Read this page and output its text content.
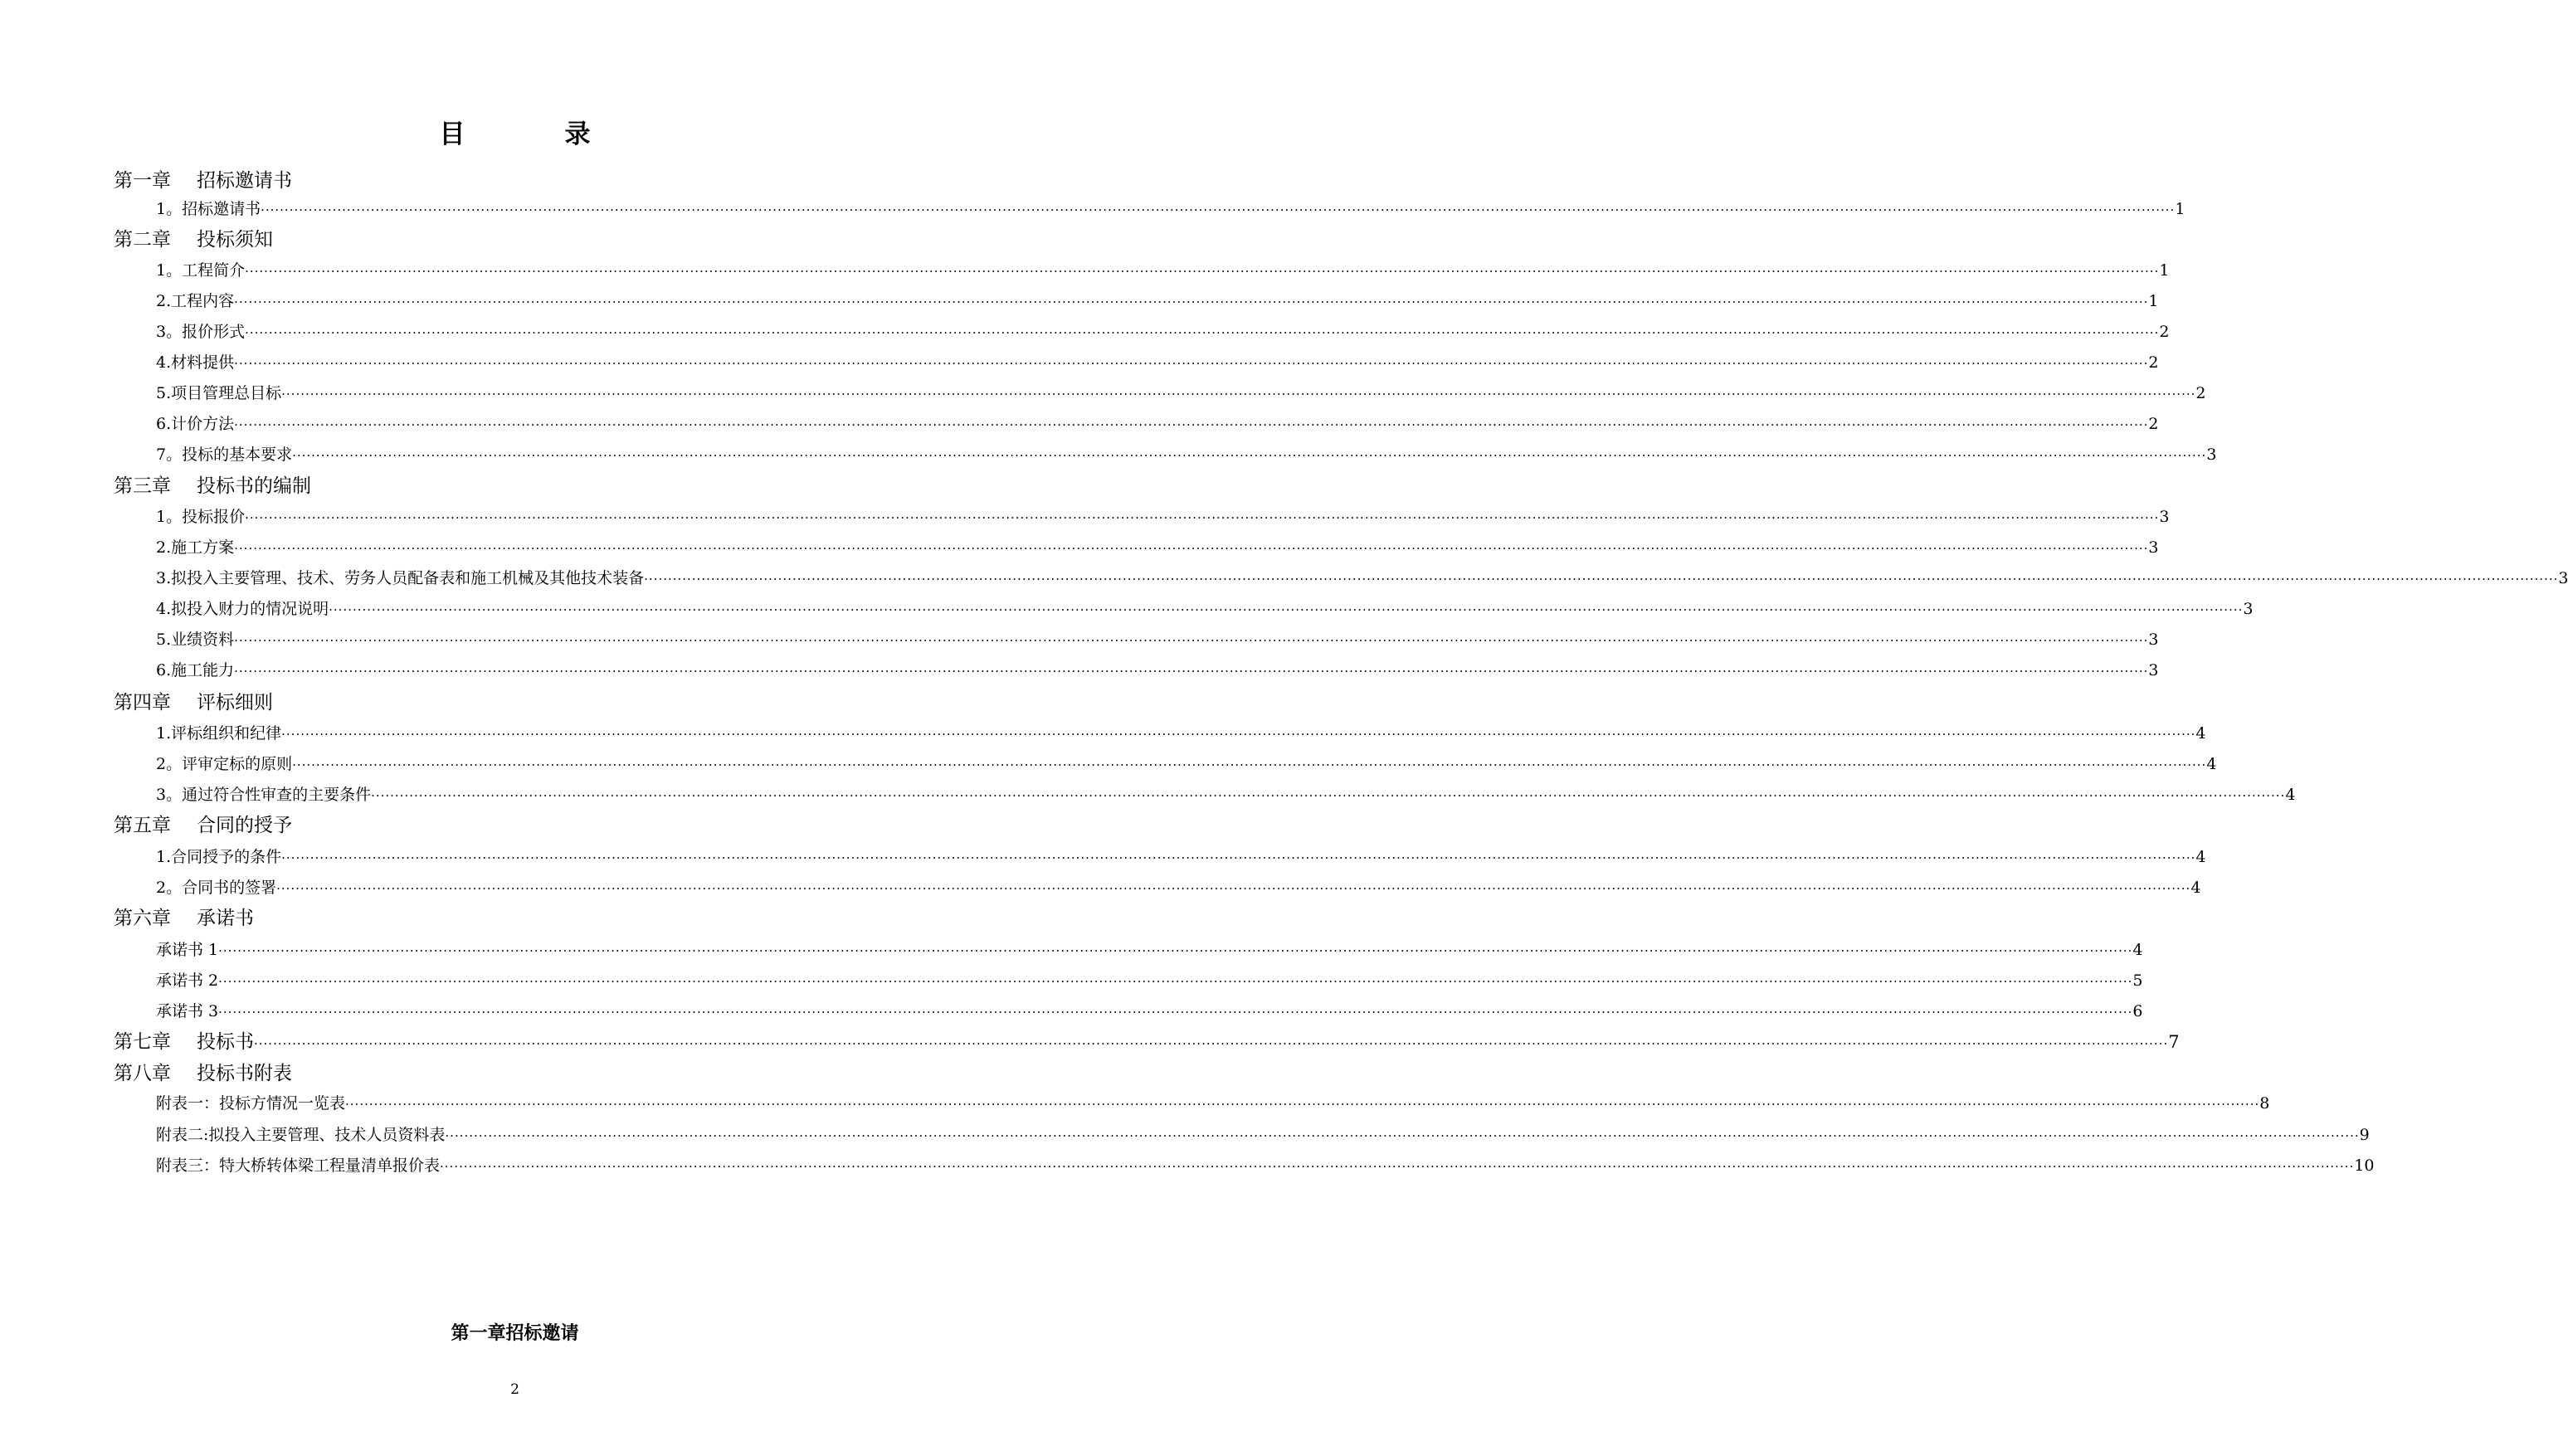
目	录
第一章 招标邀请书
1。招标邀请书 ················································································································································································································································································································································································································ 1
第二章 投标须知
1。工程简介 ················································································································································································································································································································································································································ 1
2.工程内容 ················································································································································································································································································································································································································ 1
3。报价形式 ················································································································································································································································································································································································································ 2
4.材料提供 ················································································································································································································································································································································································································ 2
5.项目管理总目标 ················································································································································································································································································································································································································ 2
6.计价方法 ················································································································································································································································································································································································································ 2
7。投标的基本要求 ················································································································································································································································································································································································································ 3
第三章 投标书的编制
1。投标报价 ················································································································································································································································································································································································································ 3
2.施工方案 ················································································································································································································································································································································································································ 3
3.拟投入主要管理、技术、劳务人员配备表和施工机械及其他技术装备 ················································································································································································································································································································································································································ 3
4.拟投入财力的情况说明 ················································································································································································································································································································································································································ 3
5.业绩资料 ················································································································································································································································································································································································································ 3
6.施工能力 ················································································································································································································································································································································································································ 3
第四章 评标细则
1.评标组织和纪律 ················································································································································································································································································································································································································ 4
2。评审定标的原则 ················································································································································································································································································································································································································ 4
3。通过符合性审查的主要条件 ················································································································································································································································································································································································································ 4
第五章 合同的授予
1.合同授予的条件 ················································································································································································································································································································································································································ 4
2。合同书的签署 ················································································································································································································································································································································································································ 4
第六章 承诺书
承诺书 1 ················································································································································································································································································································································································································ 4
承诺书 2 ················································································································································································································································································································································································································ 5
承诺书 3 ················································································································································································································································································································································································································ 6
第七章	投标书 ················································································································································································································································································································································································································ 7
第八章 投标书附表
附表一：投标方情况一览表 ················································································································································································································································································································································································································ 8
附表二:拟投入主要管理、技术人员资料表 ················································································································································································································································································································································································································ 9
附表三：特大桥转体梁工程量清单报价表 ················································································································································································································································································································································································································ 10
第一章招标邀请
2
